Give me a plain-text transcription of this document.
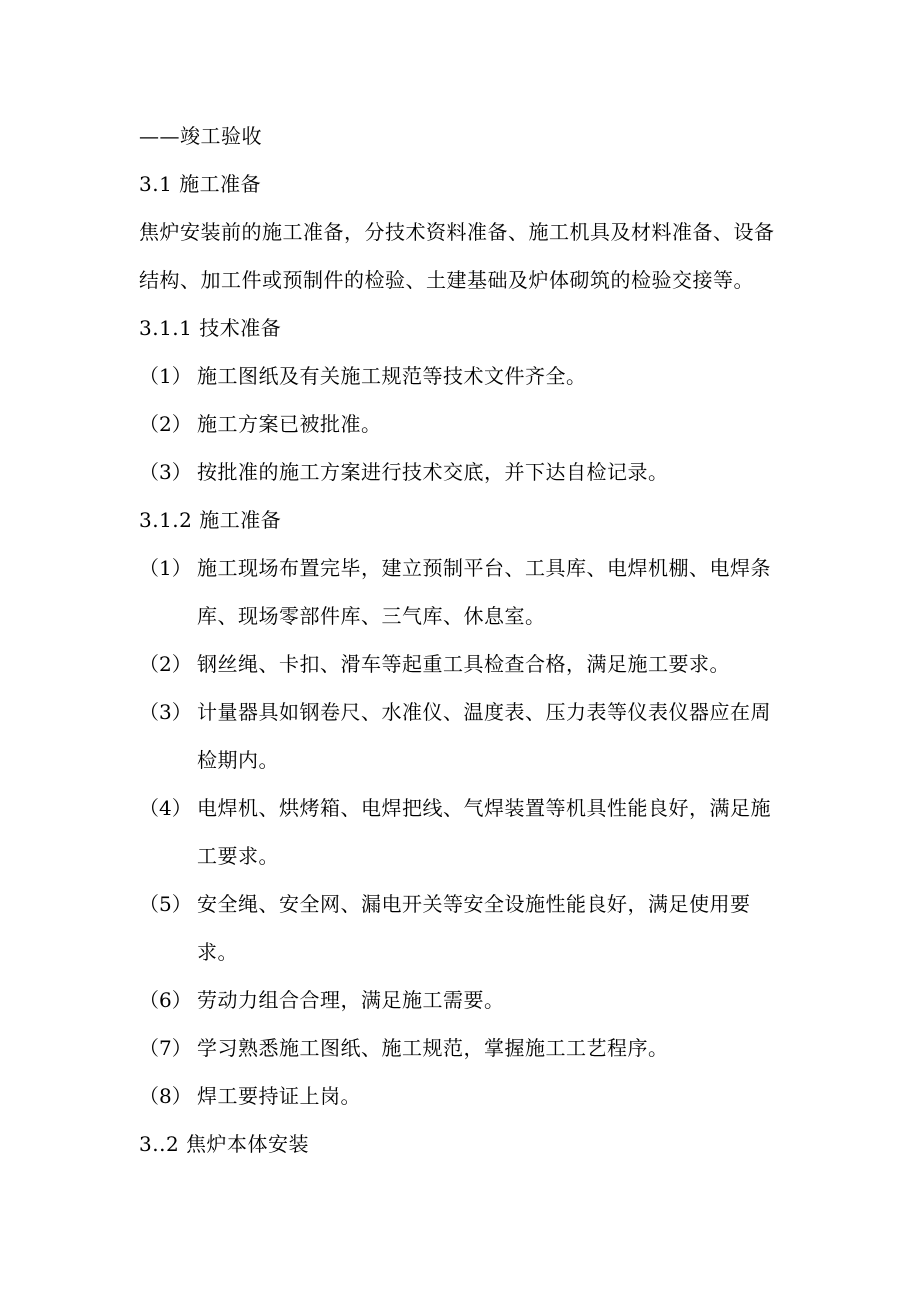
——竣工验收
3.1 施工准备
焦炉安装前的施工准备，分技术资料准备、施工机具及材料准备、设备结构、加工件或预制件的检验、土建基础及炉体砌筑的检验交接等。
3.1.1 技术准备
（1） 施工图纸及有关施工规范等技术文件齐全。
（2） 施工方案已被批准。
（3） 按批准的施工方案进行技术交底，并下达自检记录。
3.1.2 施工准备
（1） 施工现场布置完毕，建立预制平台、工具库、电焊机棚、电焊条库、现场零部件库、三气库、休息室。
（2） 钢丝绳、卡扣、滑车等起重工具检查合格，满足施工要求。
（3） 计量器具如钢卷尺、水准仪、温度表、压力表等仪表仪器应在周检期内。
（4） 电焊机、烘烤箱、电焊把线、气焊装置等机具性能良好，满足施工要求。
（5） 安全绳、安全网、漏电开关等安全设施性能良好，满足使用要求。
（6） 劳动力组合合理，满足施工需要。
（7） 学习熟悉施工图纸、施工规范，掌握施工工艺程序。
（8） 焊工要持证上岗。
3..2 焦炉本体安装
